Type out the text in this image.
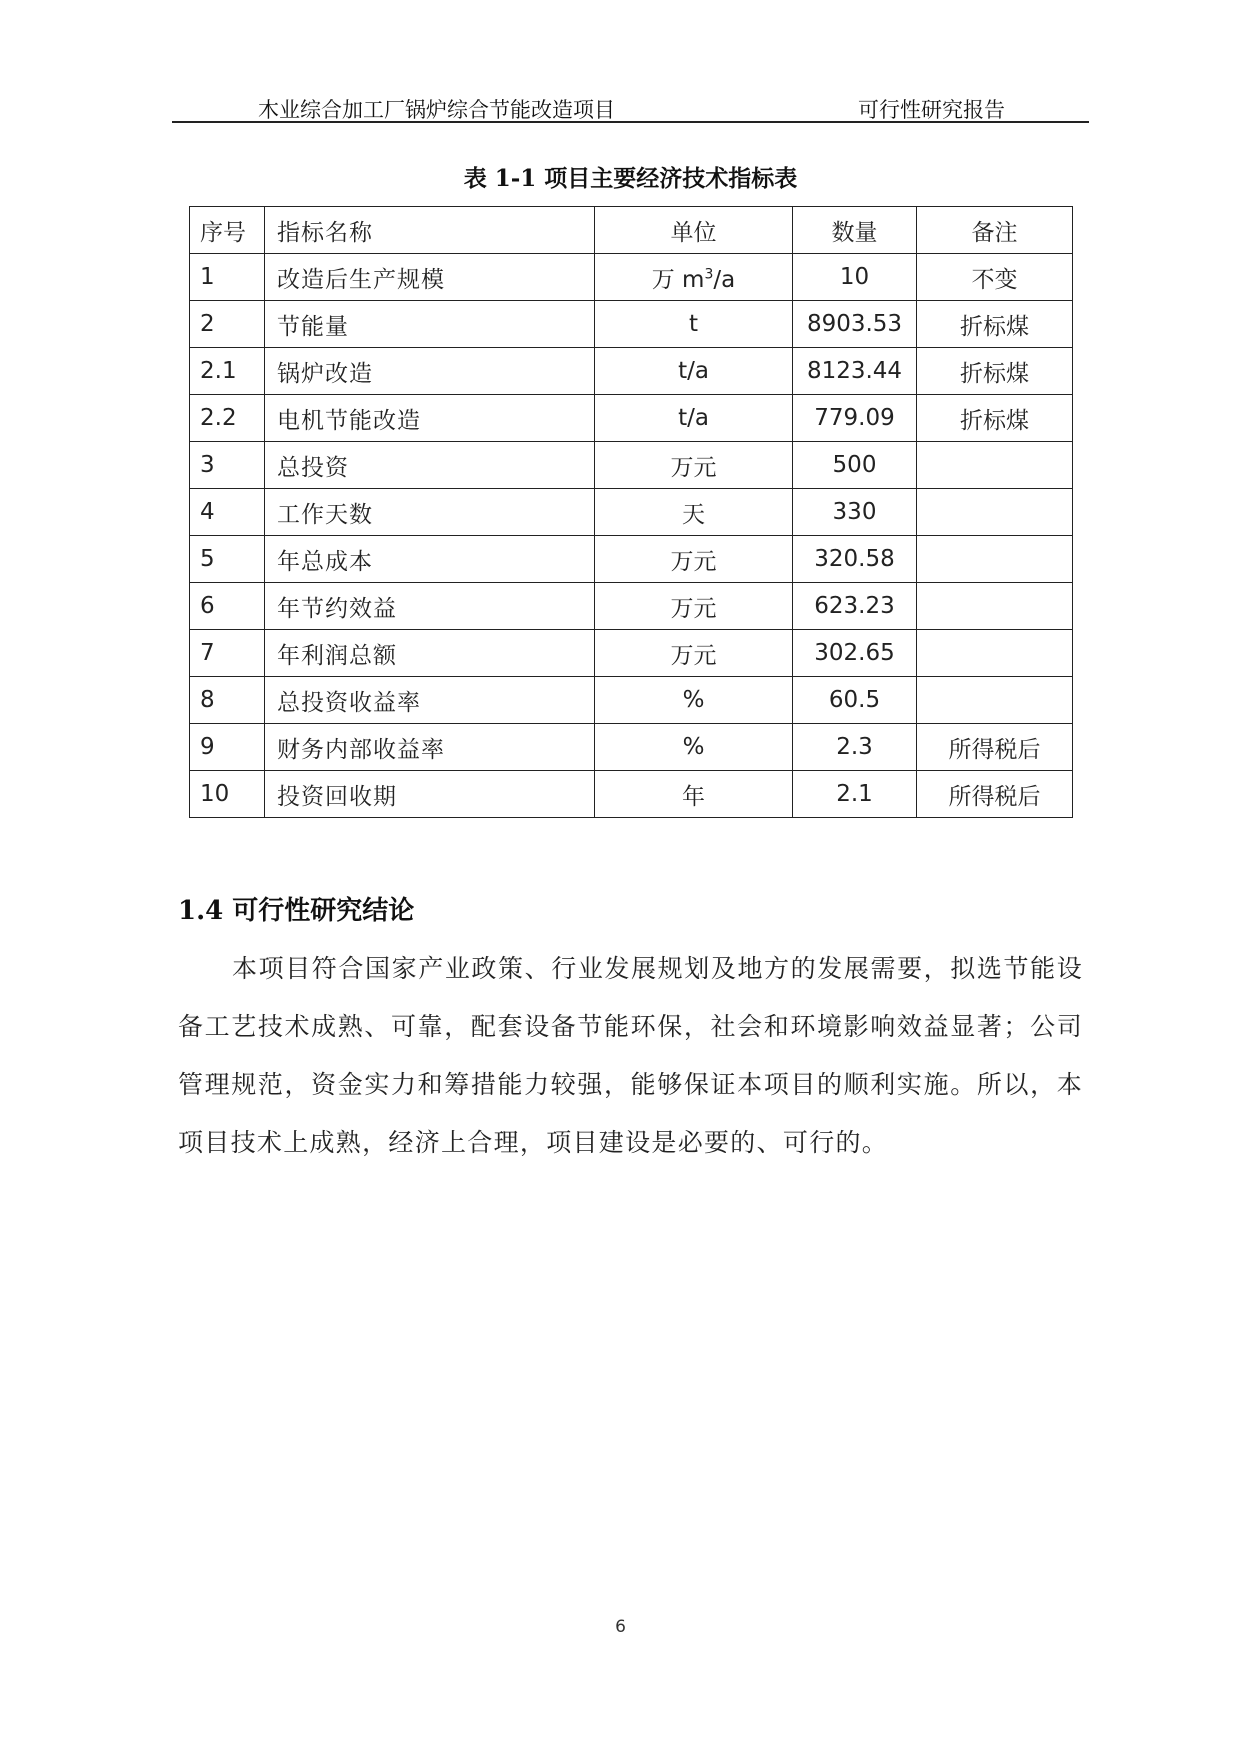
木业综合加工厂锅炉综合节能改造项目	可行性研究报告
表 1-1 项目主要经济技术指标表
序号	指标名称	单位	数量	备注
1	改造后生产规模	万 $m^3/a$	10	不变
2	节能量	t	8903.53	折标煤
2.1	锅炉改造	t/a	8123.44	折标煤
2.2	电机节能改造	t/a	779.09	折标煤
3	总投资	万元	500	
4	工作天数	天	330	
5	年总成本	万元	320.58	
6	年节约效益	万元	623.23	
7	年利润总额	万元	302.65	
8	总投资收益率	%	60.5	
9	财务内部收益率	%	2.3	所得税后
10	投资回收期	年	2.1	所得税后
1.4 可行性研究结论

本项目符合国家产业政策、行业发展规划及地方的发展需要，拟选节能设备工艺技术成熟、可靠，配套设备节能环保，社会和环境影响效益显著；公司管理规范，资金实力和筹措能力较强，能够保证本项目的顺利实施。所以，本项目技术上成熟，经济上合理，项目建设是必要的、可行的。

6
